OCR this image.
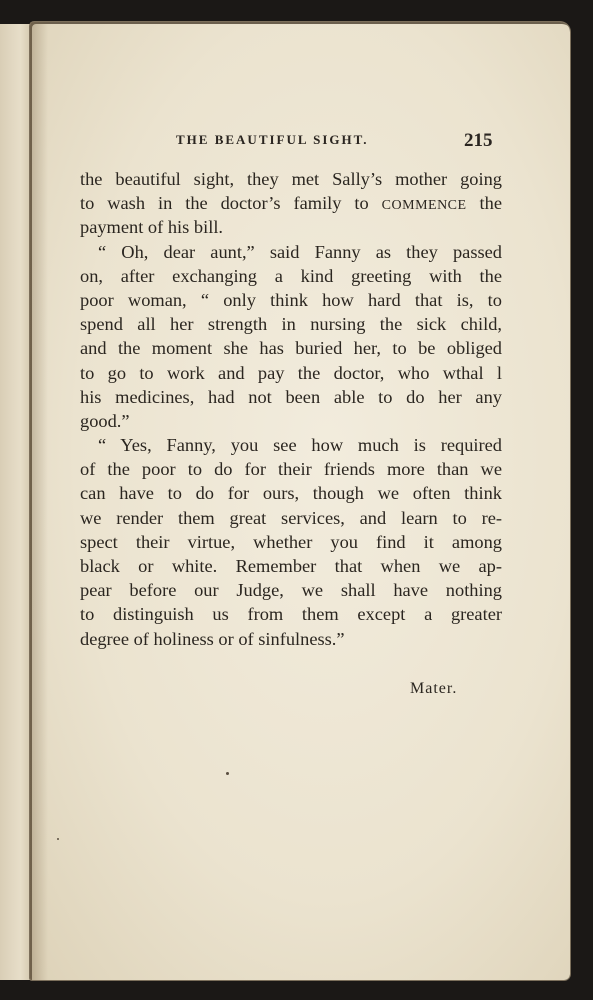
THE BEAUTIFUL SIGHT.	215
the beautiful sight, they met Sally’s mother going
to wash in the doctor’s family to COMMENCE the
payment of his bill.
“ Oh, dear aunt,” said Fanny as they passed
on, after exchanging a kind greeting with the
poor woman, “ only think how hard that is, to
spend all her strength in nursing the sick child,
and the moment she has buried her, to be obliged
to go to work and pay the doctor, who wthal l
his medicines, had not been able to do her any
good.”
“ Yes, Fanny, you see how much is required
of the poor to do for their friends more than we
can have to do for ours, though we often think
we render them great services, and learn to re-
spect their virtue, whether you find it among
black or white. Remember that when we ap-
pear before our Judge, we shall have nothing
to distinguish us from them except a greater
degree of holiness or of sinfulness.”
Mater.
